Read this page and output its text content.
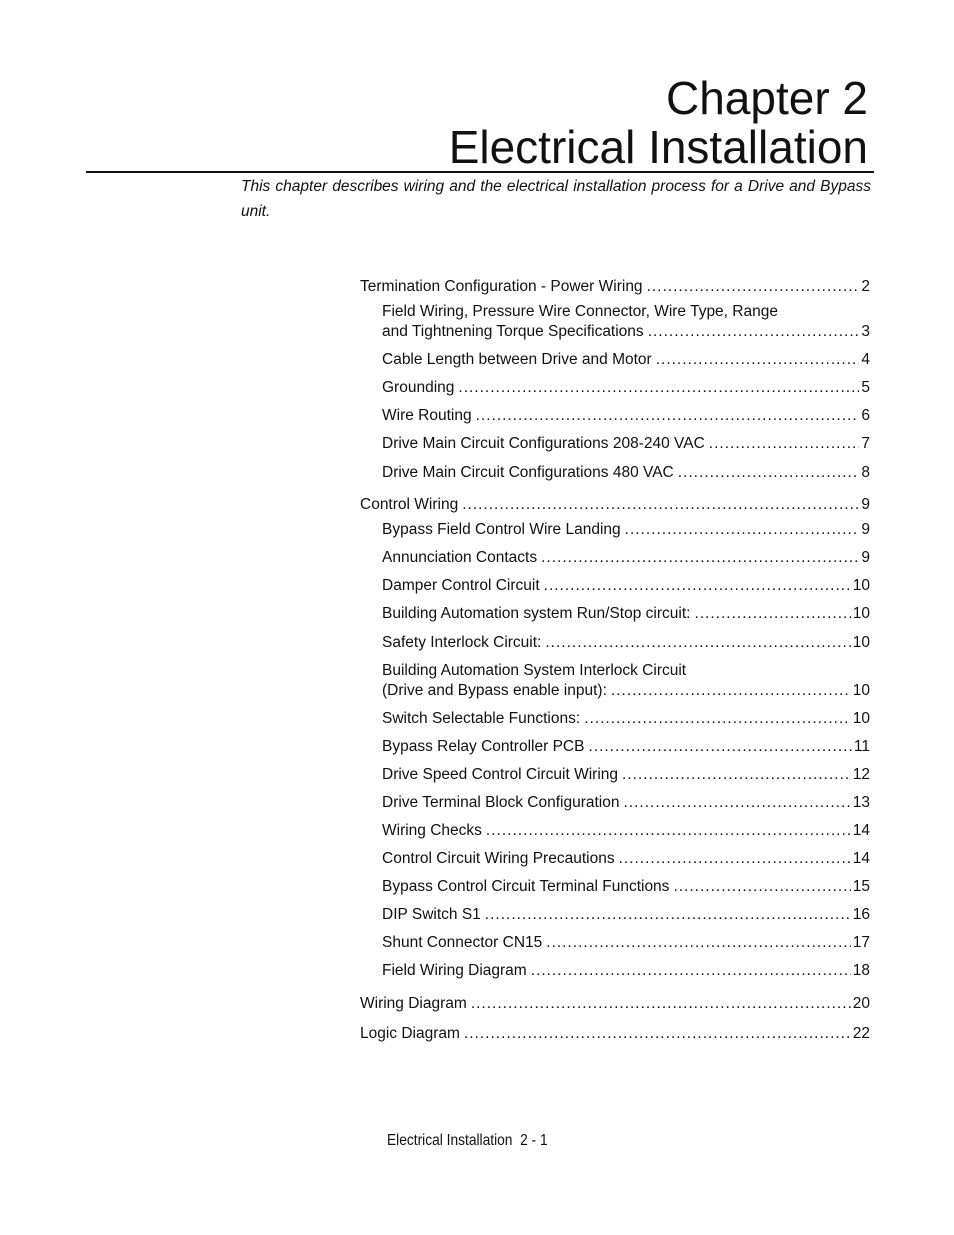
Chapter 2
Electrical Installation

This chapter describes wiring and the electrical installation process for a Drive and Bypass unit.

Termination Configuration - Power Wiring .....	2
Field Wiring, Pressure Wire Connector, Wire Type, Range
and Tightnening Torque Specifications .....	3
Cable Length between Drive and Motor .....	4
Grounding .....	5
Wire Routing .....	6
Drive Main Circuit Configurations 208-240 VAC .....	7
Drive Main Circuit Configurations 480 VAC .....	8
Control Wiring .....	9
Bypass Field Control Wire Landing .....	9
Annunciation Contacts .....	9
Damper Control Circuit .....	10
Building Automation system Run/Stop circuit: .....	10
Safety Interlock Circuit: .....	10
Building Automation System Interlock Circuit
(Drive and Bypass enable input): .....	10
Switch Selectable Functions: .....	10
Bypass Relay Controller PCB .....	11
Drive Speed Control Circuit Wiring .....	12
Drive Terminal Block Configuration .....	13
Wiring Checks .....	14
Control Circuit Wiring Precautions .....	14
Bypass Control Circuit Terminal Functions .....	15
DIP Switch S1 .....	16
Shunt Connector CN15 .....	17
Field Wiring Diagram .....	18
Wiring Diagram .....	20
Logic Diagram .....	22
Electrical Installation 2 - 1
